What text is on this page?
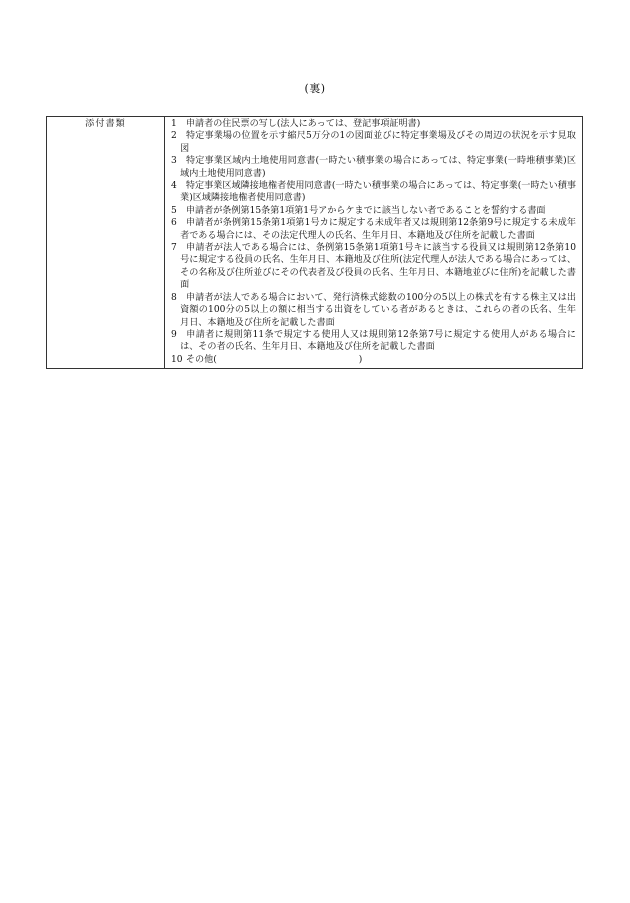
(裏)
添付書類	1 申請者の住民票の写し(法人にあっては、登記事項証明書)
2 特定事業場の位置を示す縮尺5万分の1の図面並びに特定事業場及びその周辺の状況を示す見取図
3 特定事業区域内土地使用同意書(一時たい積事業の場合にあっては、特定事業(一時堆積事業)区域内土地使用同意書)
4 特定事業区域隣接地権者使用同意書(一時たい積事業の場合にあっては、特定事業(一時たい積事業)区域隣接地権者使用同意書)
5 申請者が条例第15条第1項第1号アからケまでに該当しない者であることを誓約する書面
6 申請者が条例第15条第1項第1号カに規定する未成年者又は規則第12条第9号に規定する未成年者である場合には、その法定代理人の氏名、生年月日、本籍地及び住所を記載した書面
7 申請者が法人である場合には、条例第15条第1項第1号キに該当する役員又は規則第12条第10号に規定する役員の氏名、生年月日、本籍地及び住所(法定代理人が法人である場合にあっては、その名称及び住所並びにその代表者及び役員の氏名、生年月日、本籍地並びに住所)を記載した書面
8 申請者が法人である場合において、発行済株式総数の100分の5以上の株式を有する株主又は出資額の100分の5以上の額に相当する出資をしている者があるときは、これらの者の氏名、生年月日、本籍地及び住所を記載した書面
9 申請者に規則第11条で規定する使用人又は規則第12条第7号に規定する使用人がある場合には、その者の氏名、生年月日、本籍地及び住所を記載した書面
10 その他(	)
